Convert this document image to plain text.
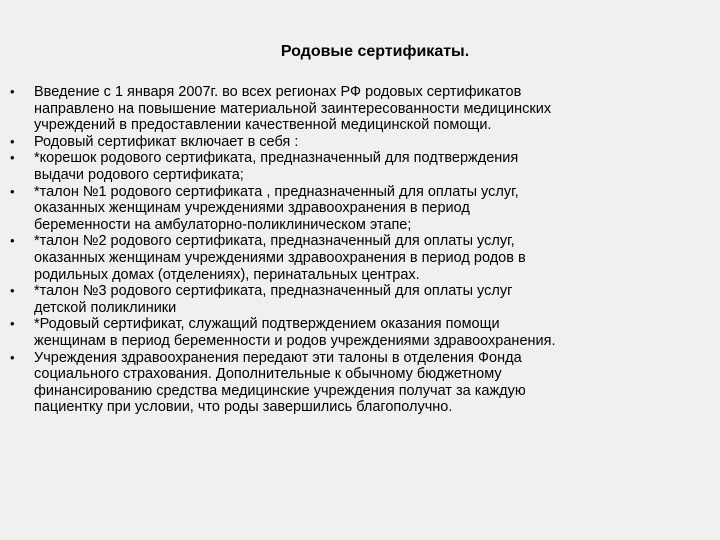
Родовые сертификаты.
•	Введение с 1 января 2007г. во всех регионах РФ родовых сертификатов
направлено на повышение материальной заинтересованности медицинских
учреждений в предоставлении качественной медицинской помощи.
•	Родовый сертификат включает в себя :
•	*корешок родового сертификата, предназначенный для подтверждения
выдачи родового сертификата;
•	*талон №1 родового сертификата , предназначенный для оплаты услуг,
оказанных женщинам учреждениями здравоохранения в период
беременности на амбулаторно-поликлиническом этапе;
•	*талон №2 родового сертификата, предназначенный для оплаты услуг,
оказанных женщинам учреждениями здравоохранения в период родов в
родильных домах (отделениях), перинатальных центрах.
•	*талон №3 родового сертификата, предназначенный для оплаты услуг
детской поликлиники
•	*Родовый сертификат, служащий подтверждением оказания помощи
женщинам в период беременности и родов учреждениями здравоохранения.
•	Учреждения здравоохранения передают эти талоны в отделения Фонда
социального страхования. Дополнительные к обычному бюджетному
финансированию средства медицинские учреждения получат за каждую
пациентку при условии, что роды завершились благополучно.
